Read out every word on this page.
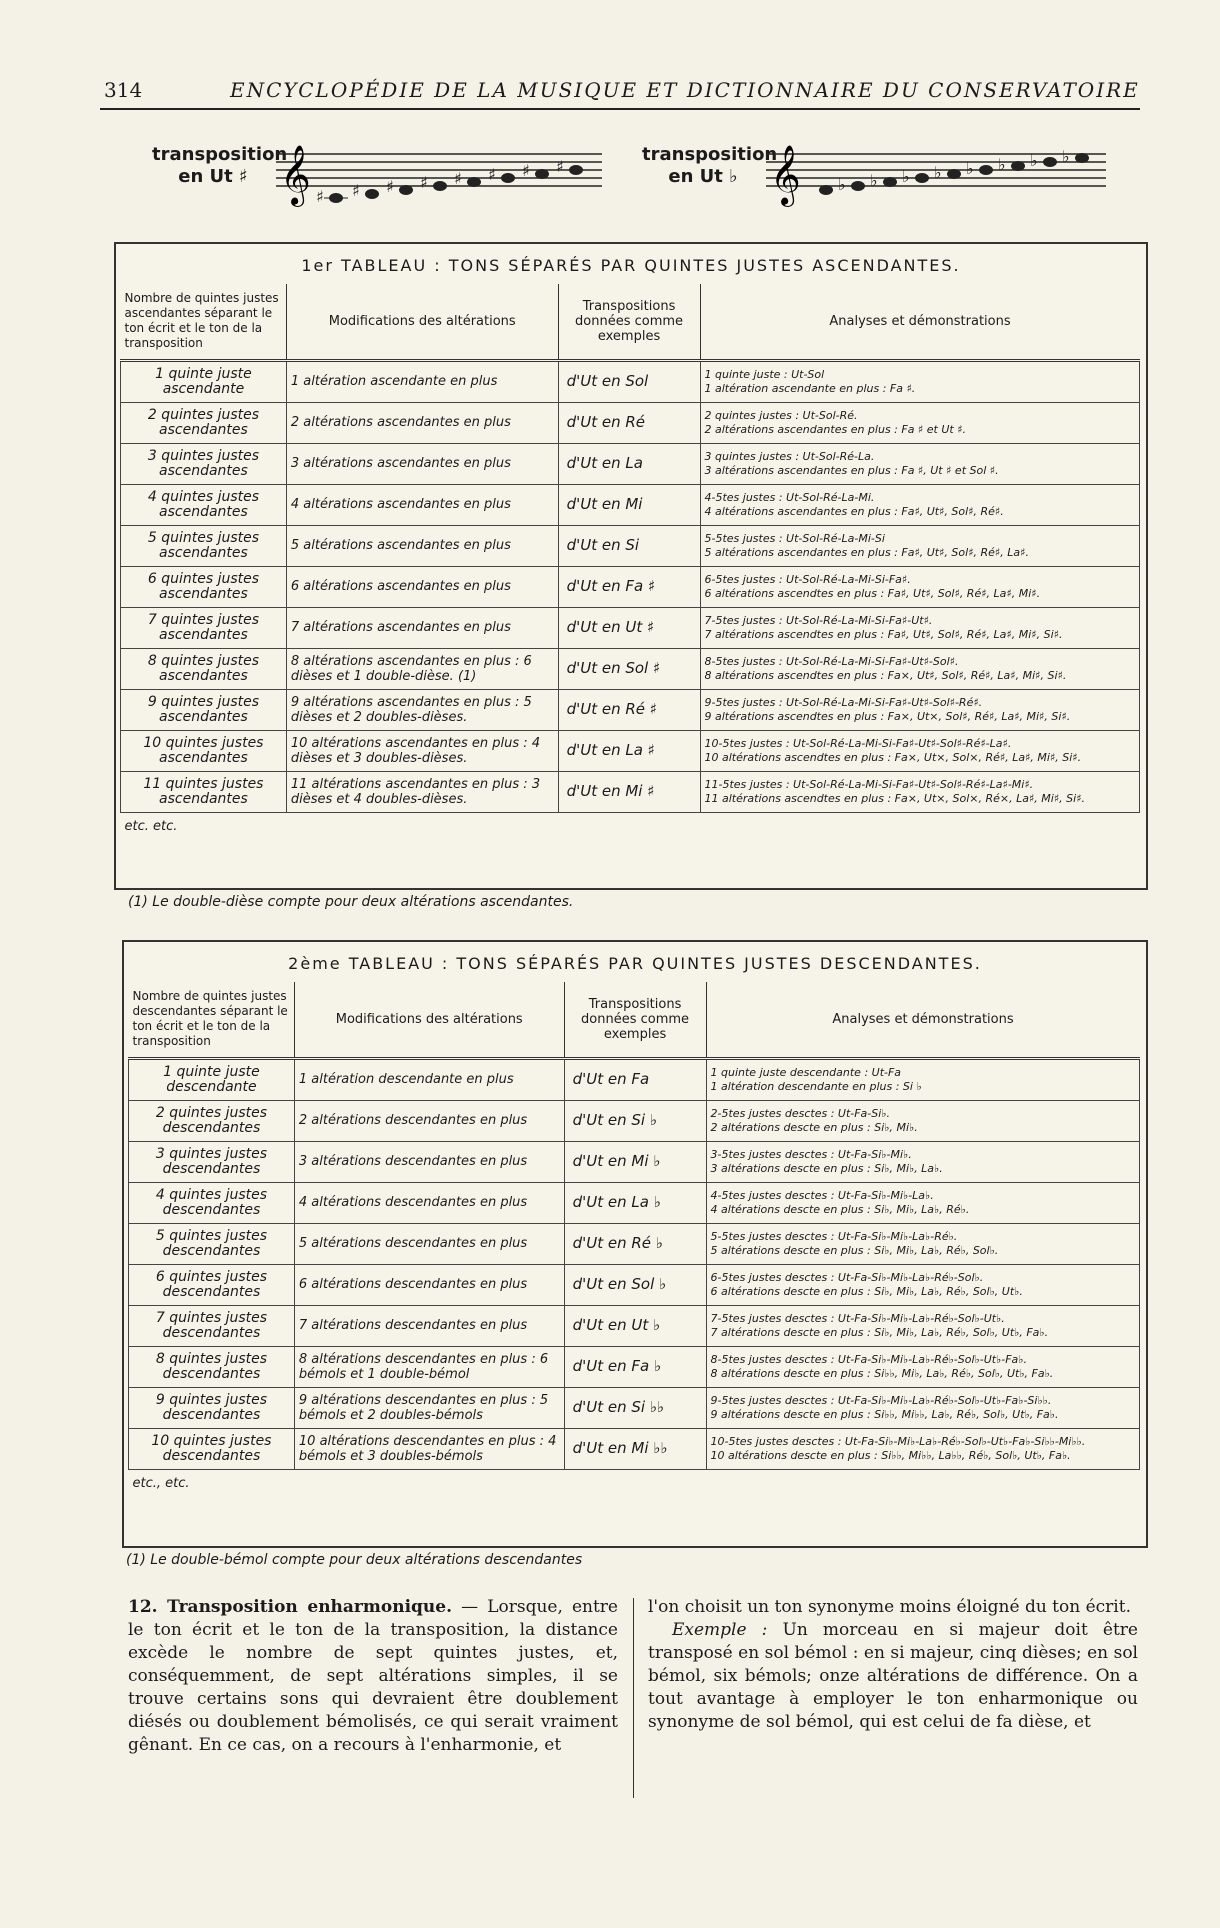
314	ENCYCLOPÉDIE DE LA MUSIQUE ET DICTIONNAIRE DU CONSERVATOIRE
transposition
en Ut ♯ 𝄞 ♯ ♯ ♯ ♯ ♯ ♯ ♯ ♯
transposition
en Ut ♭ 𝄞 ♭ ♭ ♭ ♭ ♭ ♭ ♭ ♭
1er TABLEAU : TONS SÉPARÉS PAR QUINTES JUSTES ASCENDANTES.
Nombre de quintes justes ascendantes séparant le ton écrit et le ton de la transposition	Modifications des altérations	Transpositions données comme exemples	Analyses et démonstrations
1 quinte juste ascendante	1 altération ascendante en plus	d'Ut en Sol	1 quinte juste : Ut-Sol
1 altération ascendante en plus : Fa ♯.

2 quintes justes ascendantes	2 altérations ascendantes en plus	d'Ut en Ré	2 quintes justes : Ut-Sol-Ré.
2 altérations ascendantes en plus : Fa ♯ et Ut ♯.

3 quintes justes ascendantes	3 altérations ascendantes en plus	d'Ut en La	3 quintes justes : Ut-Sol-Ré-La.
3 altérations ascendantes en plus : Fa ♯, Ut ♯ et Sol ♯.

4 quintes justes ascendantes	4 altérations ascendantes en plus	d'Ut en Mi	4-5tes justes : Ut-Sol-Ré-La-Mi.
4 altérations ascendantes en plus : Fa♯, Ut♯, Sol♯, Ré♯.

5 quintes justes ascendantes	5 altérations ascendantes en plus	d'Ut en Si	5-5tes justes : Ut-Sol-Ré-La-Mi-Si
5 altérations ascendantes en plus : Fa♯, Ut♯, Sol♯, Ré♯, La♯.

6 quintes justes ascendantes	6 altérations ascendantes en plus	d'Ut en Fa ♯	6-5tes justes : Ut-Sol-Ré-La-Mi-Si-Fa♯.
6 altérations ascendtes en plus : Fa♯, Ut♯, Sol♯, Ré♯, La♯, Mi♯.

7 quintes justes ascendantes	7 altérations ascendantes en plus	d'Ut en Ut ♯	7-5tes justes : Ut-Sol-Ré-La-Mi-Si-Fa♯-Ut♯.
7 altérations ascendtes en plus : Fa♯, Ut♯, Sol♯, Ré♯, La♯, Mi♯, Si♯.

8 quintes justes ascendantes	8 altérations ascendantes en plus : 6 dièses et 1 double-dièse. (1)	d'Ut en Sol ♯	8-5tes justes : Ut-Sol-Ré-La-Mi-Si-Fa♯-Ut♯-Sol♯.
8 altérations ascendtes en plus : Fa×, Ut♯, Sol♯, Ré♯, La♯, Mi♯, Si♯.

9 quintes justes ascendantes	9 altérations ascendantes en plus : 5 dièses et 2 doubles-dièses.	d'Ut en Ré ♯	9-5tes justes : Ut-Sol-Ré-La-Mi-Si-Fa♯-Ut♯-Sol♯-Ré♯.
9 altérations ascendtes en plus : Fa×, Ut×, Sol♯, Ré♯, La♯, Mi♯, Si♯.

10 quintes justes ascendantes	10 altérations ascendantes en plus : 4 dièses et 3 doubles-dièses.	d'Ut en La ♯	10-5tes justes : Ut-Sol-Ré-La-Mi-Si-Fa♯-Ut♯-Sol♯-Ré♯-La♯.
10 altérations ascendtes en plus : Fa×, Ut×, Sol×, Ré♯, La♯, Mi♯, Si♯.

11 quintes justes ascendantes	11 altérations ascendantes en plus : 3 dièses et 4 doubles-dièses.	d'Ut en Mi ♯	11-5tes justes : Ut-Sol-Ré-La-Mi-Si-Fa♯-Ut♯-Sol♯-Ré♯-La♯-Mi♯.
11 altérations ascendtes en plus : Fa×, Ut×, Sol×, Ré×, La♯, Mi♯, Si♯.

etc. etc.			
(1) Le double-dièse compte pour deux altérations ascendantes.
2ème TABLEAU : TONS SÉPARÉS PAR QUINTES JUSTES DESCENDANTES.
Nombre de quintes justes descendantes séparant le ton écrit et le ton de la transposition	Modifications des altérations	Transpositions données comme exemples	Analyses et démonstrations
1 quinte juste descendante	1 altération descendante en plus	d'Ut en Fa	1 quinte juste descendante : Ut-Fa
1 altération descendante en plus : Si ♭

2 quintes justes descendantes	2 altérations descendantes en plus	d'Ut en Si ♭	2-5tes justes desctes : Ut-Fa-Si♭.
2 altérations descte en plus : Si♭, Mi♭.

3 quintes justes descendantes	3 altérations descendantes en plus	d'Ut en Mi ♭	3-5tes justes desctes : Ut-Fa-Si♭-Mi♭.
3 altérations descte en plus : Si♭, Mi♭, La♭.

4 quintes justes descendantes	4 altérations descendantes en plus	d'Ut en La ♭	4-5tes justes desctes : Ut-Fa-Si♭-Mi♭-La♭.
4 altérations descte en plus : Si♭, Mi♭, La♭, Ré♭.

5 quintes justes descendantes	5 altérations descendantes en plus	d'Ut en Ré ♭	5-5tes justes desctes : Ut-Fa-Si♭-Mi♭-La♭-Ré♭.
5 altérations descte en plus : Si♭, Mi♭, La♭, Ré♭, Sol♭.

6 quintes justes descendantes	6 altérations descendantes en plus	d'Ut en Sol ♭	6-5tes justes desctes : Ut-Fa-Si♭-Mi♭-La♭-Ré♭-Sol♭.
6 altérations descte en plus : Si♭, Mi♭, La♭, Ré♭, Sol♭, Ut♭.

7 quintes justes descendantes	7 altérations descendantes en plus	d'Ut en Ut ♭	7-5tes justes desctes : Ut-Fa-Si♭-Mi♭-La♭-Ré♭-Sol♭-Ut♭.
7 altérations descte en plus : Si♭, Mi♭, La♭, Ré♭, Sol♭, Ut♭, Fa♭.

8 quintes justes descendantes	8 altérations descendantes en plus : 6 bémols et 1 double-bémol	d'Ut en Fa ♭	8-5tes justes desctes : Ut-Fa-Si♭-Mi♭-La♭-Ré♭-Sol♭-Ut♭-Fa♭.
8 altérations descte en plus : Si♭♭, Mi♭, La♭, Ré♭, Sol♭, Ut♭, Fa♭.

9 quintes justes descendantes	9 altérations descendantes en plus : 5 bémols et 2 doubles-bémols	d'Ut en Si ♭♭	9-5tes justes desctes : Ut-Fa-Si♭-Mi♭-La♭-Ré♭-Sol♭-Ut♭-Fa♭-Si♭♭.
9 altérations descte en plus : Si♭♭, Mi♭♭, La♭, Ré♭, Sol♭, Ut♭, Fa♭.

10 quintes justes descendantes	10 altérations descendantes en plus : 4 bémols et 3 doubles-bémols	d'Ut en Mi ♭♭	10-5tes justes desctes : Ut-Fa-Si♭-Mi♭-La♭-Ré♭-Sol♭-Ut♭-Fa♭-Si♭♭-Mi♭♭.
10 altérations descte en plus : Si♭♭, Mi♭♭, La♭♭, Ré♭, Sol♭, Ut♭, Fa♭.

etc., etc.			
(1) Le double-bémol compte pour deux altérations descendantes
12. Transposition enharmonique. — Lorsque, entre le ton écrit et le ton de la transposition, la distance excède le nombre de sept quintes justes, et, conséquemment, de sept altérations simples, il se trouve certains sons qui devraient être doublement diésés ou doublement bémolisés, ce qui serait vraiment gênant. En ce cas, on a recours à l'enharmonie, et
l'on choisit un ton synonyme moins éloigné du ton écrit.
Exemple : Un morceau en si majeur doit être transposé en sol bémol : en si majeur, cinq dièses; en sol bémol, six bémols; onze altérations de différence. On a tout avantage à employer le ton enharmonique ou synonyme de sol bémol, qui est celui de fa dièse, et
